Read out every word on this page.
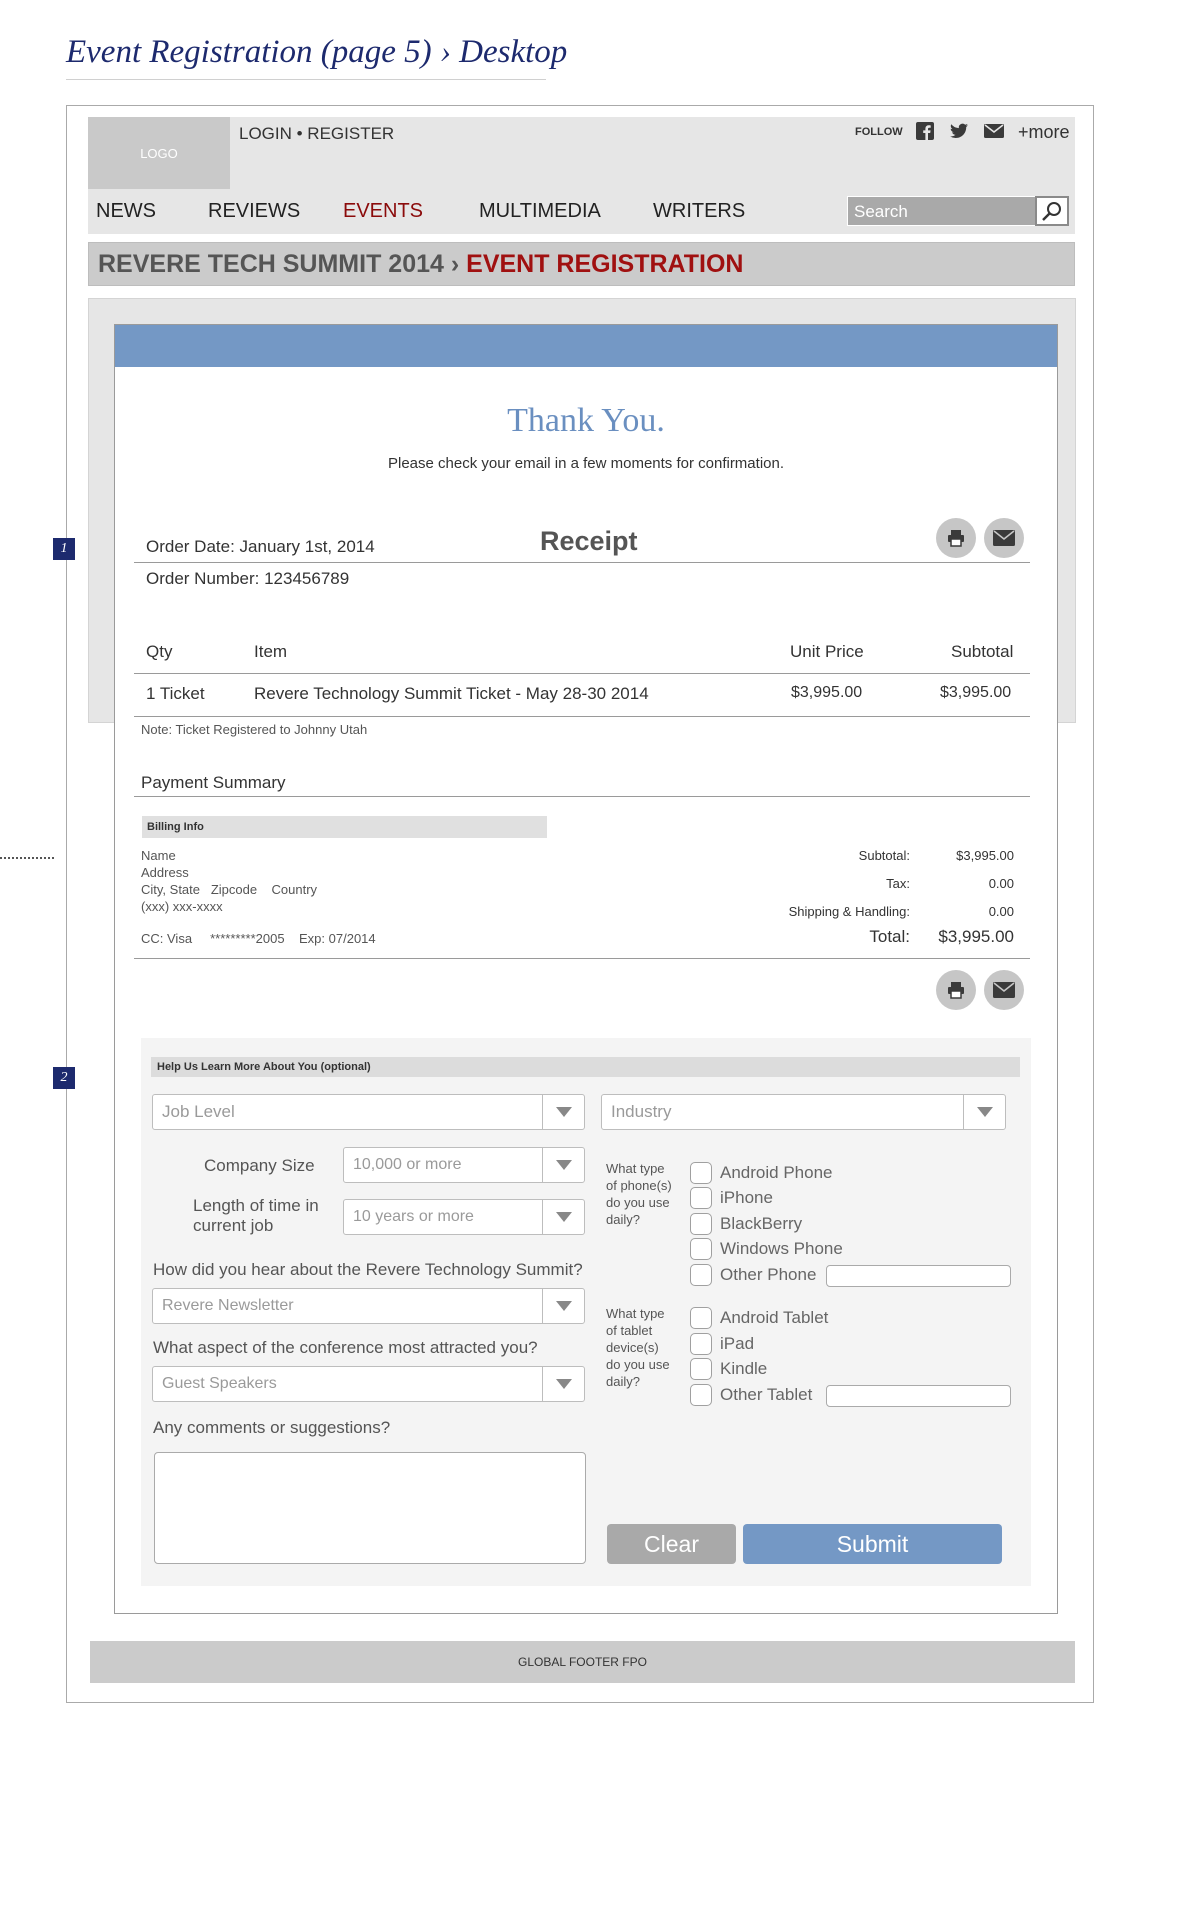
Event Registration (page 5) › Desktop
LOGO
LOGIN • REGISTER	FOLLOW	+more
NEWS	REVIEWS EVENTS	MULTIMEDIA	WRITERS	Search
REVERE TECH SUMMIT 2014 › EVENT REGISTRATION
Thank You.
Please check your email in a few moments for confirmation.
1
2
Order Date: January 1st, 2014	Receipt
Order Number: 123456789
Qty	Item	Unit Price	Subtotal
1 Ticket	Revere Technology Summit Ticket - May 28-30 2014	$3,995.00	$3,995.00
Note: Ticket Registered to Johnny Utah
Payment Summary
Billing Info
Name
Address
City, State   Zipcode    Country
(xxx) xxx-xxxx
CC: Visa     *********2005    Exp: 07/2014
Subtotal:	$3,995.00
Tax:	0.00
Shipping & Handling:	0.00
Total:	$3,995.00
Help Us Learn More About You (optional)
Job Level	Industry
Company Size 10,000 or more
Length of time in
current job	10 years or more
How did you hear about the Revere Technology Summit?
Revere Newsletter
What aspect of the conference most attracted you?
Guest Speakers
Any comments or suggestions?
What type
of phone(s)
do you use
daily?
Android Phone
iPhone
BlackBerry
Windows Phone
Other Phone
What type
of tablet
device(s)
do you use
daily?
Android Tablet
iPad
Kindle
Other Tablet
Clear	Submit
GLOBAL FOOTER FPO
